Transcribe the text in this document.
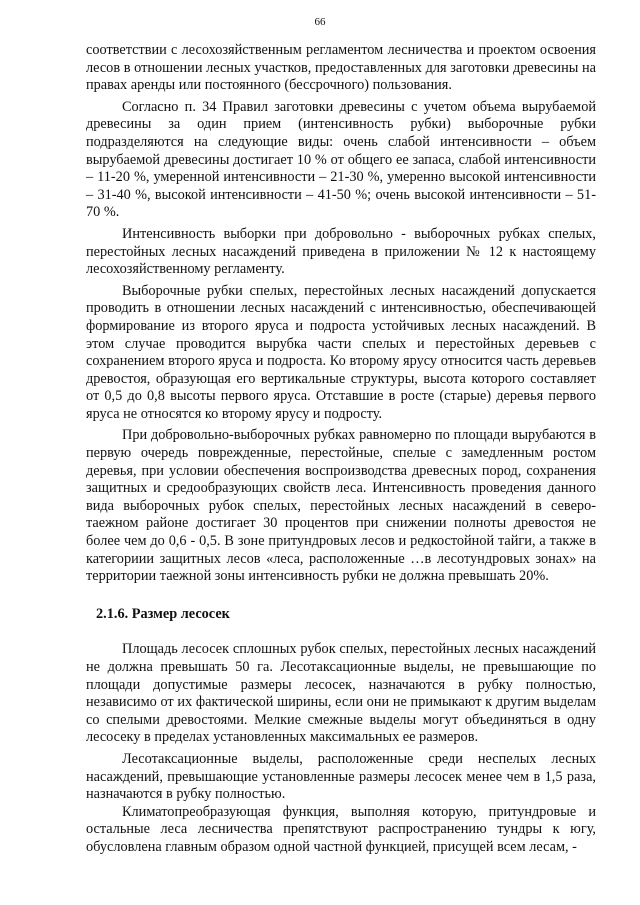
66

соответствии с лесохозяйственным регламентом лесничества и проектом освоения лесов в отношении лесных участков, предоставленных для заготовки древесины на правах аренды или постоянного (бессрочного) пользования.

Согласно п. 34 Правил заготовки древесины с учетом объема вырубаемой древесины за один прием (интенсивность рубки) выборочные рубки подразделяются на следующие виды: очень слабой интенсивности – объем вырубаемой древесины достигает 10 % от общего ее запаса, слабой интенсивности – 11-20 %, умеренной интенсивности – 21-30 %, умеренно высокой интенсивности – 31-40 %, высокой интенсивности – 41-50 %; очень высокой интенсивности – 51-70 %.

Интенсивность выборки при добровольно - выборочных рубках спелых, перестойных лесных насаждений приведена в приложении № 12 к настоящему лесохозяйственному регламенту.

Выборочные рубки спелых, перестойных лесных насаждений допускается проводить в отношении лесных насаждений с интенсивностью, обеспечивающей формирование из второго яруса и подроста устойчивых лесных насаждений. В этом случае проводится вырубка части спелых и перестойных деревьев с сохранением второго яруса и подроста. Ко второму ярусу относится часть деревьев древостоя, образующая его вертикальные структуры, высота которого составляет от 0,5 до 0,8 высоты первого яруса. Отставшие в росте (старые) деревья первого яруса не относятся ко второму ярусу и подросту.

При добровольно-выборочных рубках равномерно по площади вырубаются в первую очередь поврежденные, перестойные, спелые с замедленным ростом деревья, при условии обеспечения воспроизводства древесных пород, сохранения защитных и средообразующих свойств леса. Интенсивность проведения данного вида выборочных рубок спелых, перестойных лесных насаждений в северо-таежном районе достигает 30 процентов при снижении полноты древостоя не более чем до 0,6 - 0,5. В зоне притундровых лесов и редкостойной тайги, а также в категориии защитных лесов «леса, расположенные …в лесотундровых зонах» на территории таежной зоны интенсивность рубки не должна превышать 20%.

2.1.6. Размер лесосек

Площадь лесосек сплошных рубок спелых, перестойных лесных насаждений не должна превышать 50 га. Лесотаксационные выделы, не превышающие по площади допустимые размеры лесосек, назначаются в рубку полностью, независимо от их фактической ширины, если они не примыкают к другим выделам со спелыми древостоями. Мелкие смежные выделы могут объединяться в одну лесосеку в пределах установленных максимальных ее размеров.

Лесотаксационные выделы, расположенные среди неспелых лесных насаждений, превышающие установленные размеры лесосек менее чем в 1,5 раза, назначаются в рубку полностью.

Климатопреобразующая функция, выполняя которую, притундровые и остальные леса лесничества препятствуют распространению тундры к югу, обусловлена главным образом одной частной функцией, присущей всем лесам, -
